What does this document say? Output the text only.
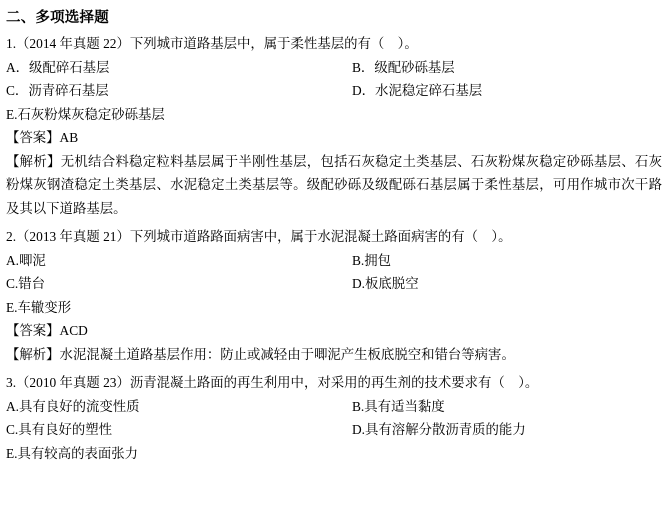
二、多项选择题
1.（2014 年真题 22）下列城市道路基层中，属于柔性基层的有（    ）。
A．级配碎石基层	B．级配砂砾基层
C．沥青碎石基层	D．水泥稳定碎石基层
E.石灰粉煤灰稳定砂砾基层
【答案】AB
【解析】无机结合料稳定粒料基层属于半刚性基层，包括石灰稳定土类基层、石灰粉煤灰稳定砂砾基层、石灰粉煤灰钢渣稳定土类基层、水泥稳定土类基层等。级配砂砾及级配砾石基层属于柔性基层，可用作城市次干路及其以下道路基层。
2.（2013 年真题 21）下列城市道路路面病害中，属于水泥混凝土路面病害的有（    ）。
A.唧泥	B.拥包
C.错台	D.板底脱空
E.车辙变形
【答案】ACD
【解析】水泥混凝土道路基层作用：防止或减轻由于唧泥产生板底脱空和错台等病害。
3.（2010 年真题 23）沥青混凝土路面的再生利用中，对采用的再生剂的技术要求有（    ）。
A.具有良好的流变性质	B.具有适当黏度
C.具有良好的塑性	D.具有溶解分散沥青质的能力
E.具有较高的表面张力
